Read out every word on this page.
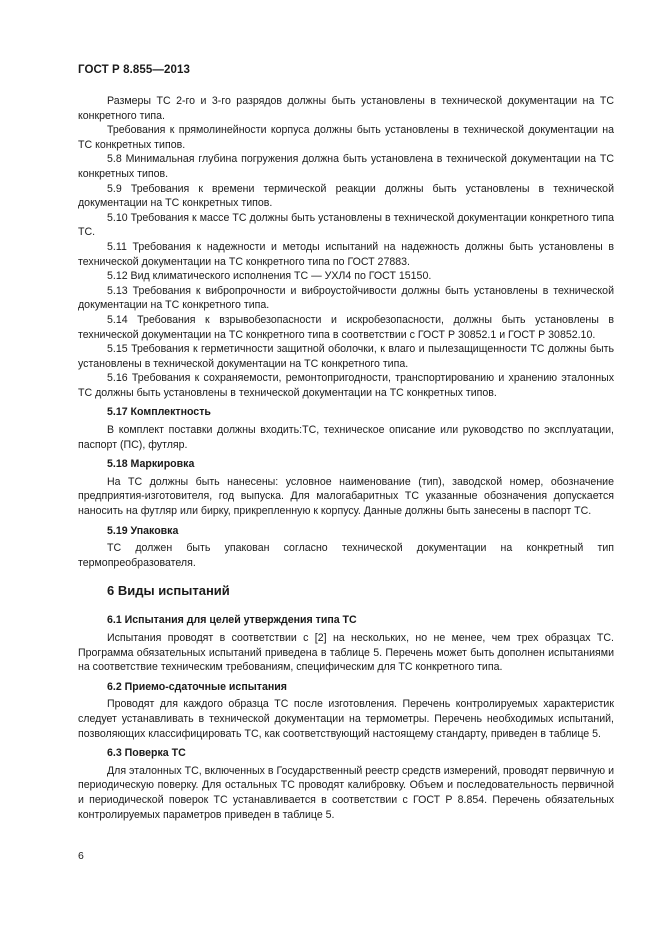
ГОСТ Р 8.855—2013

Размеры ТС 2-го и 3-го разрядов должны быть установлены в технической документации на ТС конкретного типа.

Требования к прямолинейности корпуса должны быть установлены в технической документации на ТС конкретных типов.

5.8 Минимальная глубина погружения должна быть установлена в технической документации на ТС конкретных типов.

5.9 Требования к времени термической реакции должны быть установлены в технической документации на ТС конкретных типов.

5.10 Требования к массе ТС должны быть установлены в технической документации конкретного типа ТС.

5.11 Требования к надежности и методы испытаний на надежность должны быть установлены в технической документации на ТС конкретного типа по ГОСТ 27883.

5.12 Вид климатического исполнения ТС — УХЛ4 по ГОСТ 15150.

5.13 Требования к вибропрочности и виброустойчивости должны быть установлены в технической документации на ТС конкретного типа.

5.14 Требования к взрывобезопасности и искробезопасности, должны быть установлены в технической документации на ТС конкретного типа в соответствии с ГОСТ Р 30852.1 и ГОСТ Р 30852.10.

5.15 Требования к герметичности защитной оболочки, к влаго и пылезащищенности ТС должны быть установлены в технической документации на ТС конкретного типа.

5.16 Требования к сохраняемости, ремонтопригодности, транспортированию и хранению эталонных ТС должны быть установлены в технической документации на ТС конкретных типов.

5.17 Комплектность

В комплект поставки должны входить:ТС, техническое описание или руководство по эксплуатации, паспорт (ПС), футляр.

5.18 Маркировка

На ТС должны быть нанесены: условное наименование (тип), заводской номер, обозначение предприятия-изготовителя, год выпуска. Для малогабаритных ТС указанные обозначения допускается наносить на футляр или бирку, прикрепленную к корпусу. Данные должны быть занесены в паспорт ТС.

5.19 Упаковка

ТС должен быть упакован согласно технической документации на конкретный тип термопреобразователя.

6 Виды испытаний
6.1 Испытания для целей утверждения типа ТС

Испытания проводят в соответствии с [2] на нескольких, но не менее, чем трех образцах ТС. Программа обязательных испытаний приведена в таблице 5. Перечень может быть дополнен испытаниями на соответствие техническим требованиям, специфическим для ТС конкретного типа.

6.2 Приемо-сдаточные испытания

Проводят для каждого образца ТС после изготовления. Перечень контролируемых характеристик следует устанавливать в технической документации на термометры. Перечень необходимых испытаний, позволяющих классифицировать ТС, как соответствующий настоящему стандарту, приведен в таблице 5.

6.3 Поверка ТС

Для эталонных ТС, включенных в Государственный реестр средств измерений, проводят первичную и периодическую поверку. Для остальных ТС проводят калибровку. Объем и последовательность первичной и периодической поверок ТС устанавливается в соответствии с ГОСТ Р 8.854. Перечень обязательных контролируемых параметров приведен в таблице 5.

6
